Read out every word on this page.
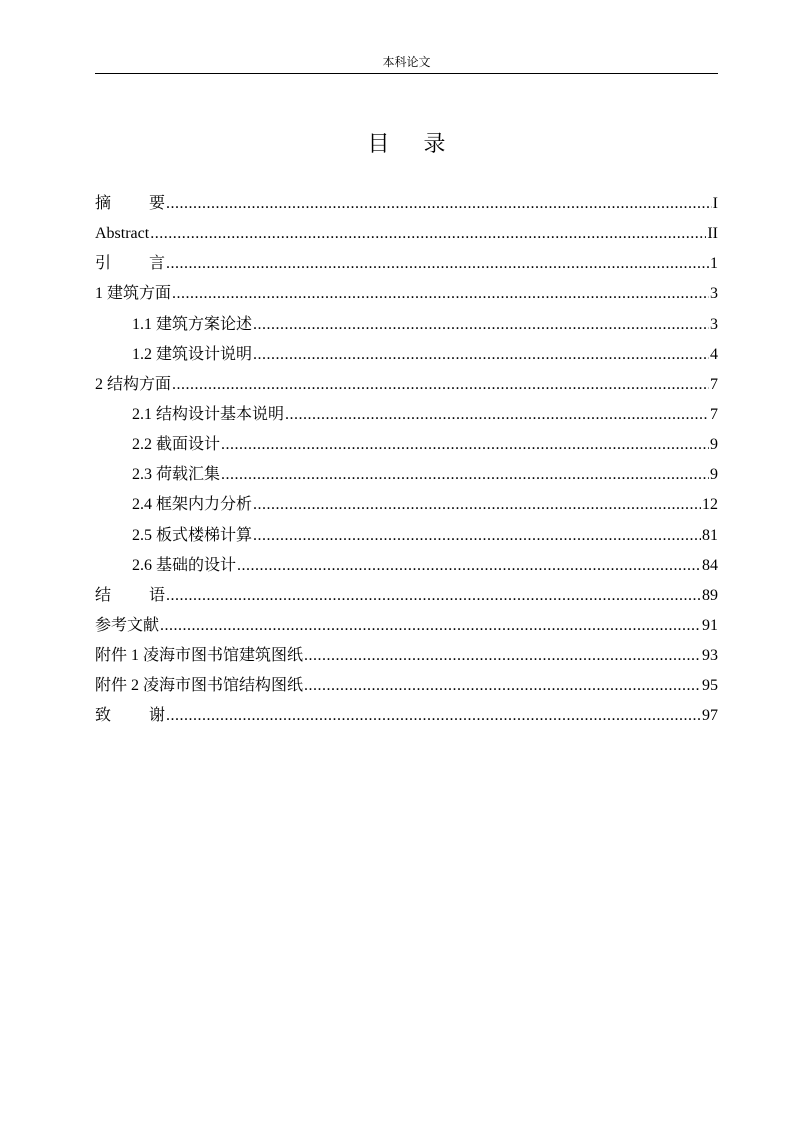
本科论文
目 录
摘 要 .....	I
Abstract .....	II
引 言 .....	1
1 建筑方面 .....	3
1.1 建筑方案论述 .....	3
1.2 建筑设计说明 .....	4
2 结构方面 .....	7
2.1 结构设计基本说明 .....	7
2.2 截面设计 .....	9
2.3 荷载汇集 .....	9
2.4 框架内力分析 .....	12
2.5 板式楼梯计算 .....	81
2.6 基础的设计 .....	84
结 语 .....	89
参考文献 .....	91
附件 1 凌海市图书馆建筑图纸 .....	93
附件 2 凌海市图书馆结构图纸 .....	95
致 谢 .....	97
